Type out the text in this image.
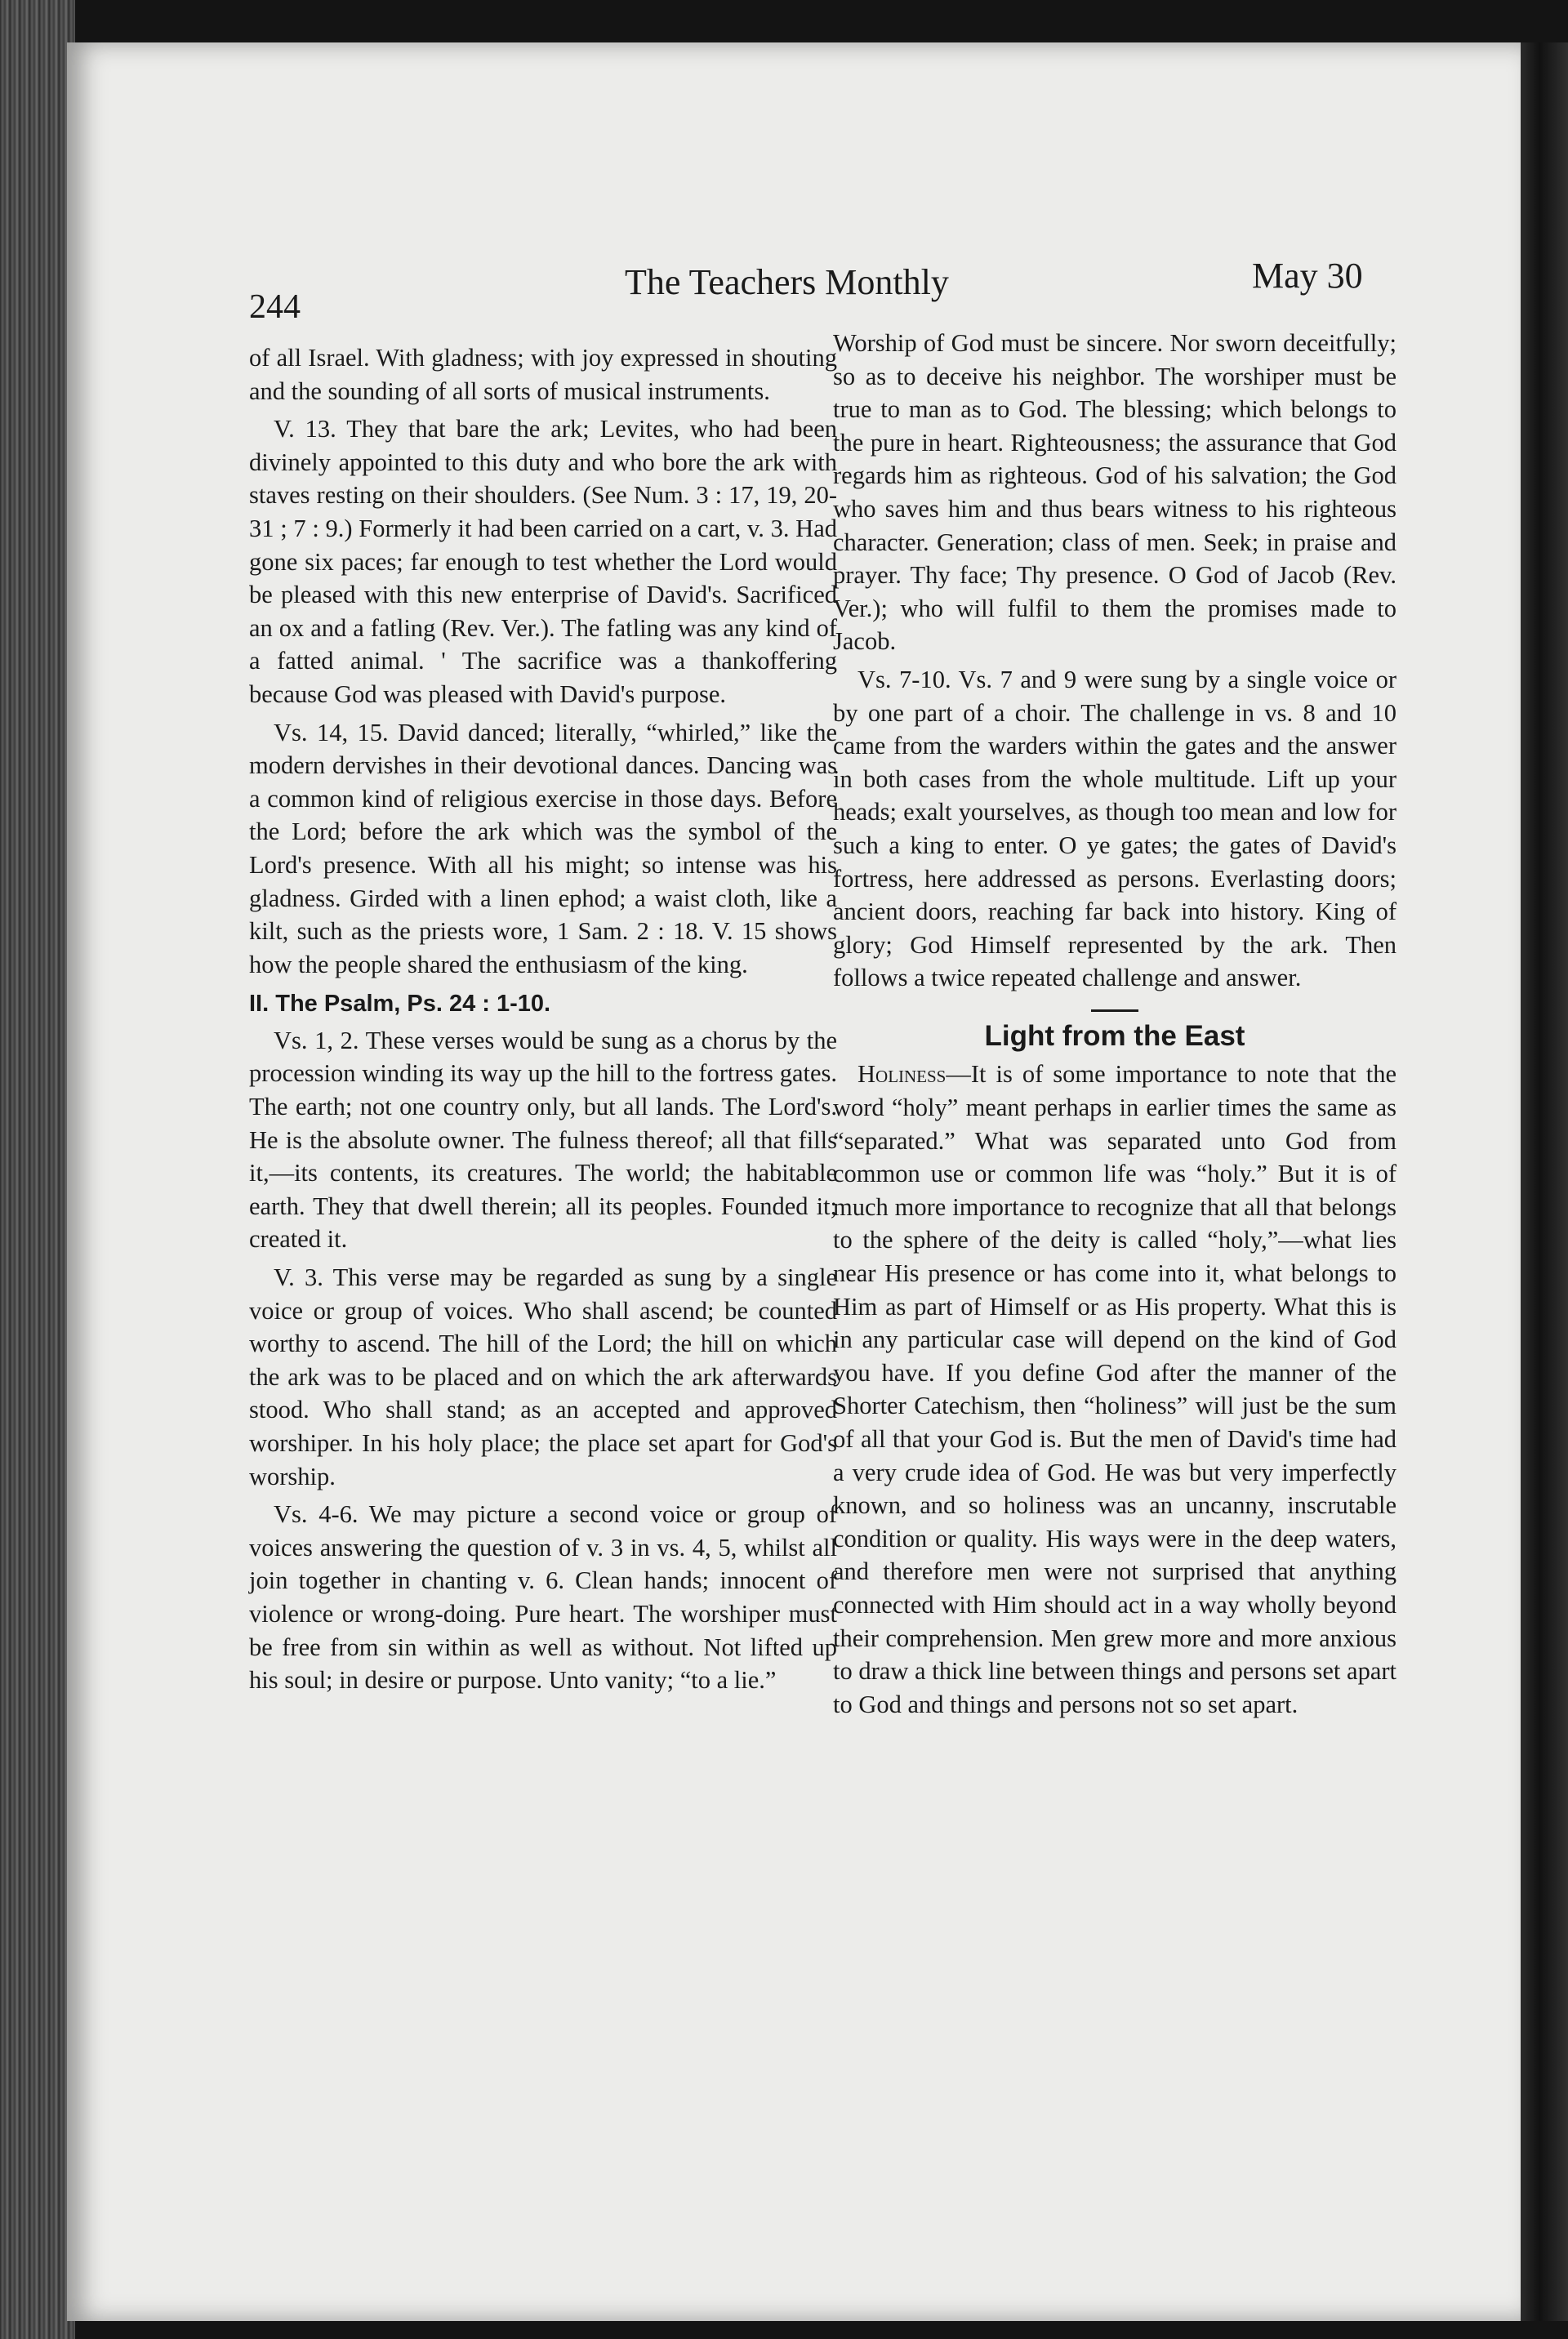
244
The Teachers Monthly	May 30

of all Israel. With gladness; with joy expressed in shouting and the sounding of all sorts of musical instruments.

V. 13. They that bare the ark; Levites, who had been divinely appointed to this duty and who bore the ark with staves resting on their shoulders. (See Num. 3 : 17, 19, 20-31 ; 7 : 9.) Formerly it had been carried on a cart, v. 3. Had gone six paces; far enough to test whether the Lord would be pleased with this new enterprise of David's. Sacrificed an ox and a fatling (Rev. Ver.). The fatling was any kind of a fatted animal. ' The sacrifice was a thankoffering because God was pleased with David's purpose.

Vs. 14, 15. David danced; literally, “whirled,” like the modern dervishes in their devotional dances. Dancing was a common kind of religious exercise in those days. Before the Lord; before the ark which was the symbol of the Lord's presence. With all his might; so intense was his gladness. Girded with a linen ephod; a waist cloth, like a kilt, such as the priests wore, 1 Sam. 2 : 18. V. 15 shows how the people shared the enthusiasm of the king.

II. The Psalm, Ps. 24 : 1-10.

Vs. 1, 2. These verses would be sung as a chorus by the procession winding its way up the hill to the fortress gates. The earth; not one country only, but all lands. The Lord's. He is the absolute owner. The fulness thereof; all that fills it,—its contents, its creatures. The world; the habitable earth. They that dwell therein; all its peoples. Founded it; created it.

V. 3. This verse may be regarded as sung by a single voice or group of voices. Who shall ascend; be counted worthy to ascend. The hill of the Lord; the hill on which the ark was to be placed and on which the ark afterwards stood. Who shall stand; as an accepted and approved worshiper. In his holy place; the place set apart for God's worship.

Vs. 4-6. We may picture a second voice or group of voices answering the question of v. 3 in vs. 4, 5, whilst all join together in chanting v. 6. Clean hands; innocent of violence or wrong-doing. Pure heart. The worshiper must be free from sin within as well as without. Not lifted up his soul; in desire or purpose. Unto vanity; “to a lie.”

Worship of God must be sincere. Nor sworn deceitfully; so as to deceive his neighbor. The worshiper must be true to man as to God. The blessing; which belongs to the pure in heart. Righteousness; the assurance that God regards him as righteous. God of his salvation; the God who saves him and thus bears witness to his righteous character. Generation; class of men. Seek; in praise and prayer. Thy face; Thy presence. O God of Jacob (Rev. Ver.); who will fulfil to them the promises made to Jacob.

Vs. 7-10. Vs. 7 and 9 were sung by a single voice or by one part of a choir. The challenge in vs. 8 and 10 came from the warders within the gates and the answer in both cases from the whole multitude. Lift up your heads; exalt yourselves, as though too mean and low for such a king to enter. O ye gates; the gates of David's fortress, here addressed as persons. Everlasting doors; ancient doors, reaching far back into history. King of glory; God Himself represented by the ark. Then follows a twice repeated challenge and answer.

Light from the East

Holiness—It is of some importance to note that the word “holy” meant perhaps in earlier times the same as “separated.” What was separated unto God from common use or common life was “holy.” But it is of much more importance to recognize that all that belongs to the sphere of the deity is called “holy,”—what lies near His presence or has come into it, what belongs to Him as part of Himself or as His property. What this is in any particular case will depend on the kind of God you have. If you define God after the manner of the Shorter Catechism, then “holiness” will just be the sum of all that your God is. But the men of David's time had a very crude idea of God. He was but very imperfectly known, and so holiness was an uncanny, inscrutable condition or quality. His ways were in the deep waters, and therefore men were not surprised that anything connected with Him should act in a way wholly beyond their comprehension. Men grew more and more anxious to draw a thick line between things and persons set apart to God and things and persons not so set apart.
